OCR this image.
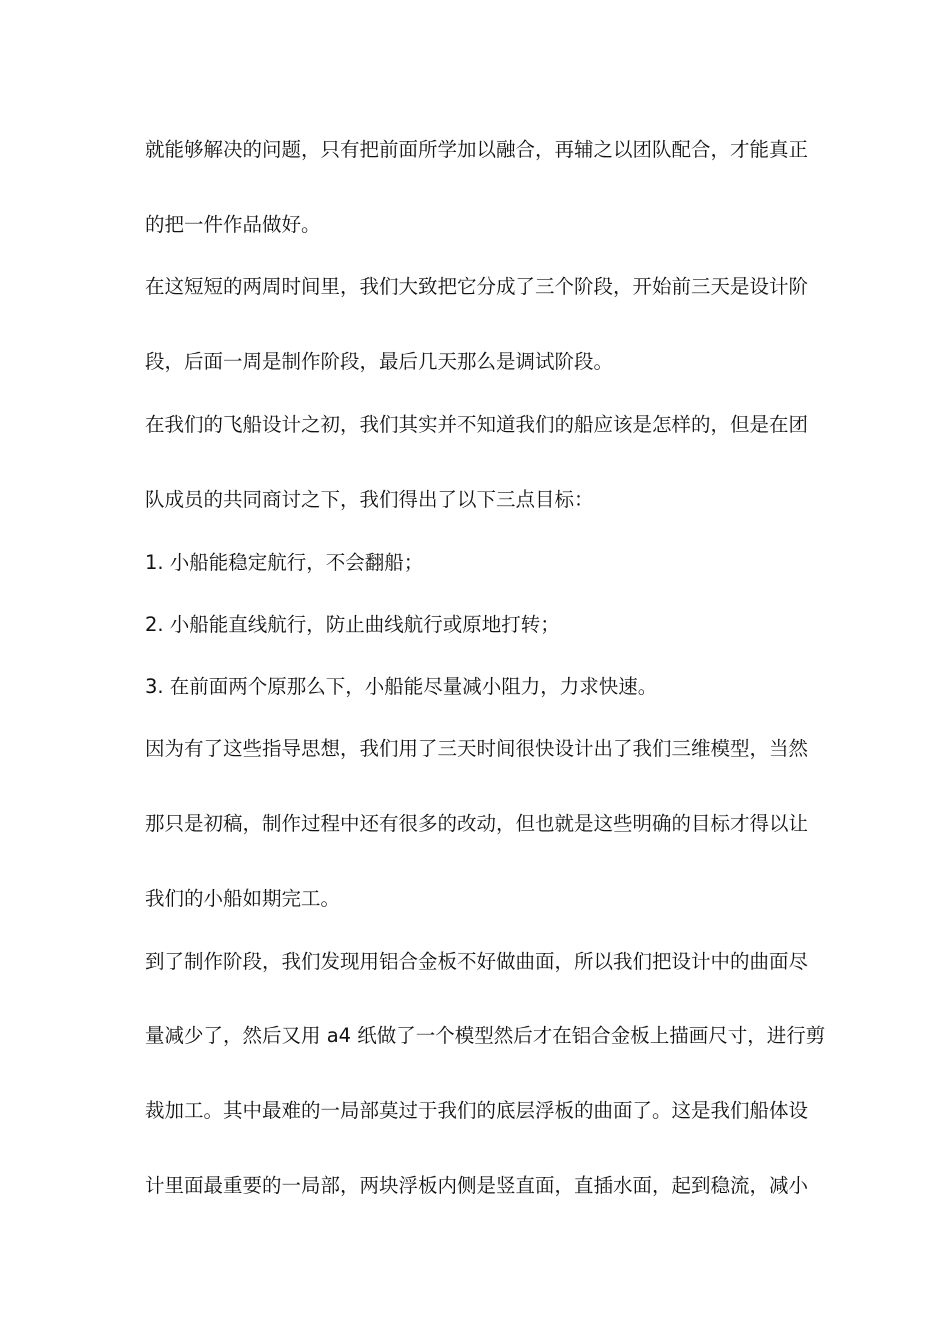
就能够解决的问题，只有把前面所学加以融合，再辅之以团队配合，才能真正
的把一件作品做好。
在这短短的两周时间里，我们大致把它分成了三个阶段，开始前三天是设计阶
段，后面一周是制作阶段，最后几天那么是调试阶段。
在我们的飞船设计之初，我们其实并不知道我们的船应该是怎样的，但是在团
队成员的共同商讨之下，我们得出了以下三点目标：
1. 小船能稳定航行，不会翻船；
2. 小船能直线航行，防止曲线航行或原地打转；
3. 在前面两个原那么下，小船能尽量减小阻力，力求快速。
因为有了这些指导思想，我们用了三天时间很快设计出了我们三维模型，当然
那只是初稿，制作过程中还有很多的改动，但也就是这些明确的目标才得以让
我们的小船如期完工。
到了制作阶段，我们发现用铝合金板不好做曲面，所以我们把设计中的曲面尽
量减少了，然后又用 a4 纸做了一个模型然后才在铝合金板上描画尺寸，进行剪
裁加工。其中最难的一局部莫过于我们的底层浮板的曲面了。这是我们船体设
计里面最重要的一局部，两块浮板内侧是竖直面，直插水面，起到稳流，减小
